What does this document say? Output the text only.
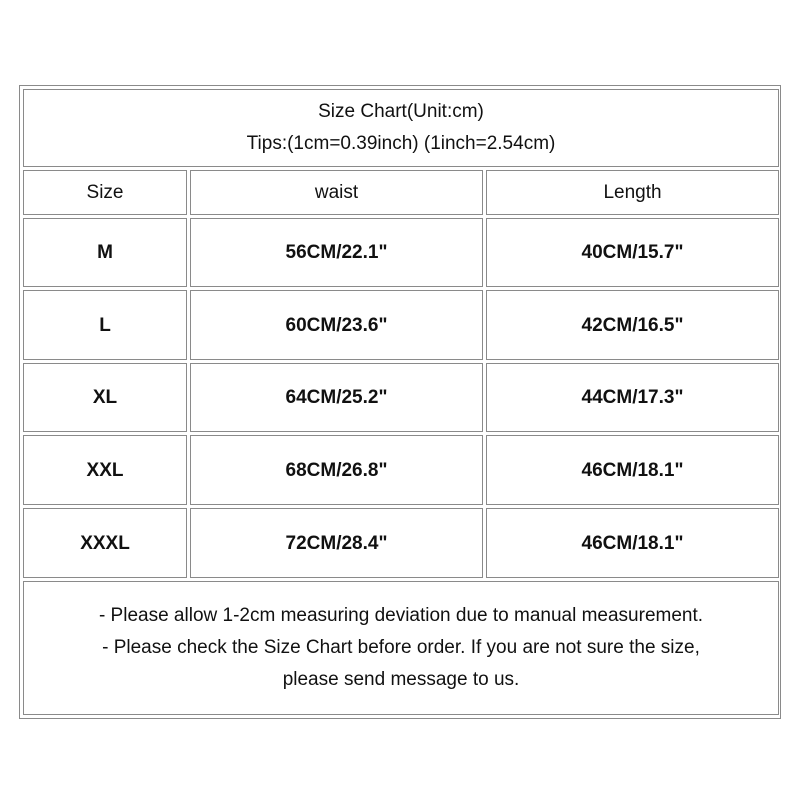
Size Chart(Unit:cm)
Tips:(1cm=0.39inch) (1inch=2.54cm)
Size	waist	Length
M	56CM/22.1"	40CM/15.7"
L	60CM/23.6"	42CM/16.5"
XL	64CM/25.2"	44CM/17.3"
XXL	68CM/26.8"	46CM/18.1"
XXXL	72CM/28.4"	46CM/18.1"
- Please allow 1-2cm measuring deviation due to manual measurement.
- Please check the Size Chart before order. If you are not sure the size,
please send message to us.
